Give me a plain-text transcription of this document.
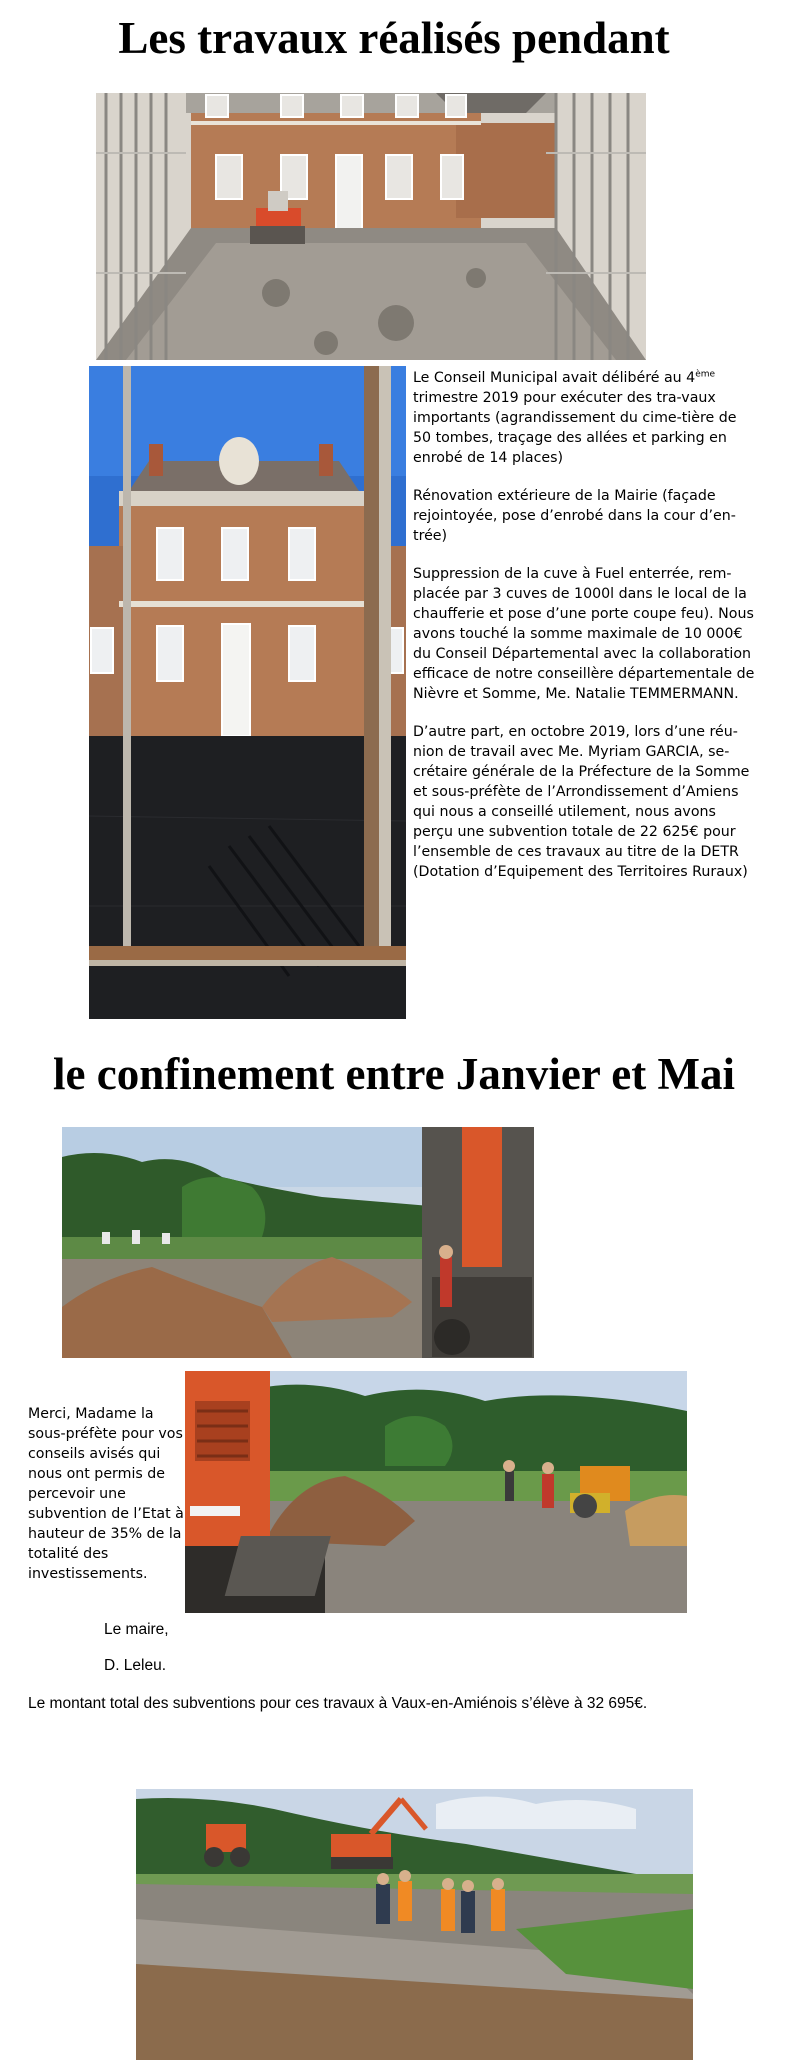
Les travaux réalisés pendant

Le Conseil Municipal avait délibéré au 4ème trimestre 2019 pour exécuter des tra-vaux importants (agrandissement du cime-tière de 50 tombes, traçage des allées et parking en enrobé de 14 places)

Rénovation extérieure de la Mairie (façade rejointoyée, pose d’enrobé dans la cour d’en-trée)

Suppression de la cuve à Fuel enterrée, rem-placée par 3 cuves de 1000l dans le local de la chaufferie et pose d’une porte coupe feu). Nous avons touché la somme maximale de 10 000€ du Conseil Départemental avec la collaboration efficace de notre conseillère départementale de Nièvre et Somme, Me. Natalie TEMMERMANN.

D’autre part, en octobre 2019, lors d’une réu-nion de travail avec Me. Myriam GARCIA, se-crétaire générale de la Préfecture de la Somme et sous-préfète de l’Arrondissement d’Amiens qui nous a conseillé utilement, nous avons perçu une subvention totale de 22 625€ pour l’ensemble de ces travaux au titre de la DETR (Dotation d’Equipement des Territoires Ruraux)

le confinement entre Janvier et Mai
Merci, Madame la sous-préfète pour vos conseils avisés qui nous ont permis de percevoir une subvention de l’Etat à hauteur de 35% de la totalité des investissements.
Le maire,
D. Leleu.
Le montant total des subventions pour ces travaux à Vaux-en-Amiénois s’élève à 32 695€.
